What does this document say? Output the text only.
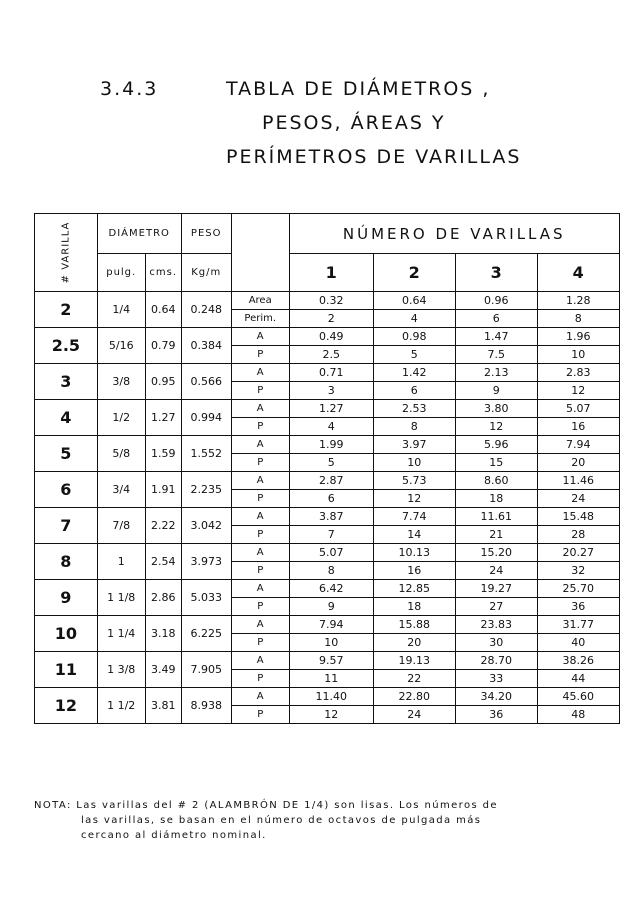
3.4.3	TABLA DE DIÁMETROS ,
PESOS, ÁREAS Y
PERÍMETROS DE VARILLAS
# VARILLA	DIÁMETRO		PESO		NÚMERO DE VARILLAS			
	pulg.	cms.	Kg/m		1	2	3	4
2	1/4	0.64	0.248	Area	0.32	0.64	0.96	1.28
				Perim.	2	4	6	8
2.5	5/16	0.79	0.384	A	0.49	0.98	1.47	1.96
				P	2.5	5	7.5	10
3	3/8	0.95	0.566	A	0.71	1.42	2.13	2.83
				P	3	6	9	12
4	1/2	1.27	0.994	A	1.27	2.53	3.80	5.07
				P	4	8	12	16
5	5/8	1.59	1.552	A	1.99	3.97	5.96	7.94
				P	5	10	15	20
6	3/4	1.91	2.235	A	2.87	5.73	8.60	11.46
				P	6	12	18	24
7	7/8	2.22	3.042	A	3.87	7.74	11.61	15.48
				P	7	14	21	28
8	1	2.54	3.973	A	5.07	10.13	15.20	20.27
				P	8	16	24	32
9	1 1/8	2.86	5.033	A	6.42	12.85	19.27	25.70
				P	9	18	27	36
10	1 1/4	3.18	6.225	A	7.94	15.88	23.83	31.77
				P	10	20	30	40
11	1 3/8	3.49	7.905	A	9.57	19.13	28.70	38.26
				P	11	22	33	44
12	1 1/2	3.81	8.938	A	11.40	22.80	34.20	45.60
				P	12	24	36	48
NOTA: Las varillas del # 2 (ALAMBRÓN DE 1/4) son lisas. Los números de
las varillas, se basan en el número de octavos de pulgada más
cercano al diámetro nominal.
